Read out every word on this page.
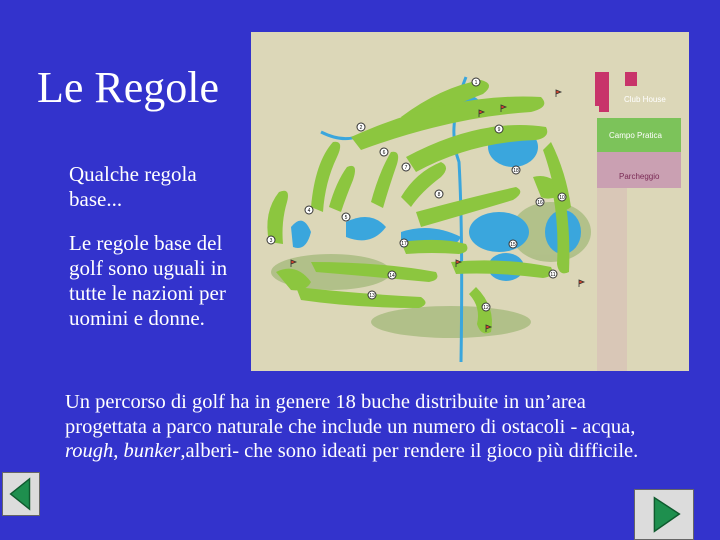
Le Regole
Qualche regola base...
Le regole base del golf sono uguali in tutte le nazioni per uomini e donne.
Un percorso di golf ha in genere 18 buche distribuite in un’area progettata a parco naturale che include un numero di ostacoli - acqua, rough, bunker,alberi- che sono ideati per rendere il gioco più difficile.
Club House
Campo Pratica
Parcheggio
1
2
3
4
5
6
7
8
9
10
11
12
13
14
15
16
17
18
